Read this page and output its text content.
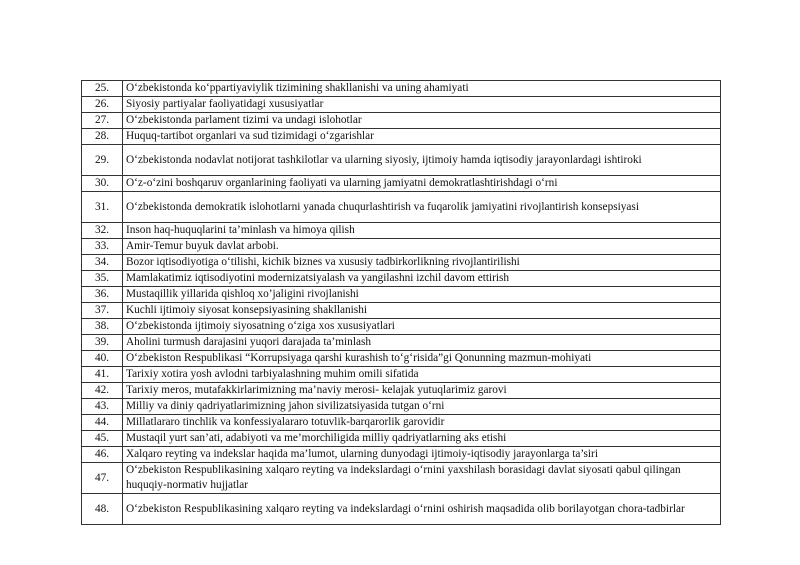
25.	O‘zbekistonda ko‘ppartiyaviylik tizimining shakllanishi va uning ahamiyati
26.	Siyosiy partiyalar faoliyatidagi xususiyatlar
27.	O‘zbekistonda parlament tizimi va undagi islohotlar
28.	Huquq-tartibot organlari va sud tizimidagi o‘zgarishlar
29.	O‘zbekistonda nodavlat notijorat tashkilotlar va ularning siyosiy, ijtimoiy hamda iqtisodiy jarayonlardagi ishtiroki
30.	O‘z-o‘zini boshqaruv organlarining faoliyati va ularning jamiyatni demokratlashtirishdagi o‘rni
31.	O‘zbekistonda demokratik islohotlarni yanada chuqurlashtirish va fuqarolik jamiyatini rivojlantirish konsepsiyasi
32.	Inson haq-huquqlarini ta’minlash va himoya qilish
33.	Amir-Temur buyuk davlat arbobi.
34.	Bozor iqtisodiyotiga o‘tilishi, kichik biznes va xususiy tadbirkorlikning rivojlantirilishi
35.	Mamlakatimiz iqtisodiyotini modernizatsiyalash va yangilashni izchil davom ettirish
36.	Mustaqillik yillarida qishloq xo’jaligini rivojlanishi
37.	Kuchli ijtimoiy siyosat konsepsiyasining shakllanishi
38.	O‘zbekistonda ijtimoiy siyosatning o‘ziga xos xususiyatlari
39.	Aholini turmush darajasini yuqori darajada ta’minlash
40.	O‘zbekiston Respublikasi “Korrupsiyaga qarshi kurashish to‘g‘risida”gi Qonunning mazmun-mohiyati
41.	Tarixiy xotira yosh avlodni tarbiyalashning muhim omili sifatida
42.	Tarixiy meros, mutafakkirlarimizning ma’naviy merosi- kelajak yutuqlarimiz garovi
43.	Milliy va diniy qadriyatlarimizning jahon sivilizatsiyasida tutgan o‘rni
44.	Millatlararo tinchlik va konfessiyalararo totuvlik-barqarorlik garovidir
45.	Mustaqil yurt san’ati, adabiyoti va me’morchiligida milliy qadriyatlarning aks etishi
46.	Xalqaro reyting va indekslar haqida ma’lumot, ularning dunyodagi ijtimoiy-iqtisodiy jarayonlarga ta’siri
47.	O‘zbekiston Respublikasining xalqaro reyting va indekslardagi o‘rnini yaxshilash borasidagi davlat siyosati qabul qilingan huquqiy-normativ hujjatlar
48.	O‘zbekiston Respublikasining xalqaro reyting va indekslardagi o‘rnini oshirish maqsadida olib borilayotgan chora-tadbirlar
